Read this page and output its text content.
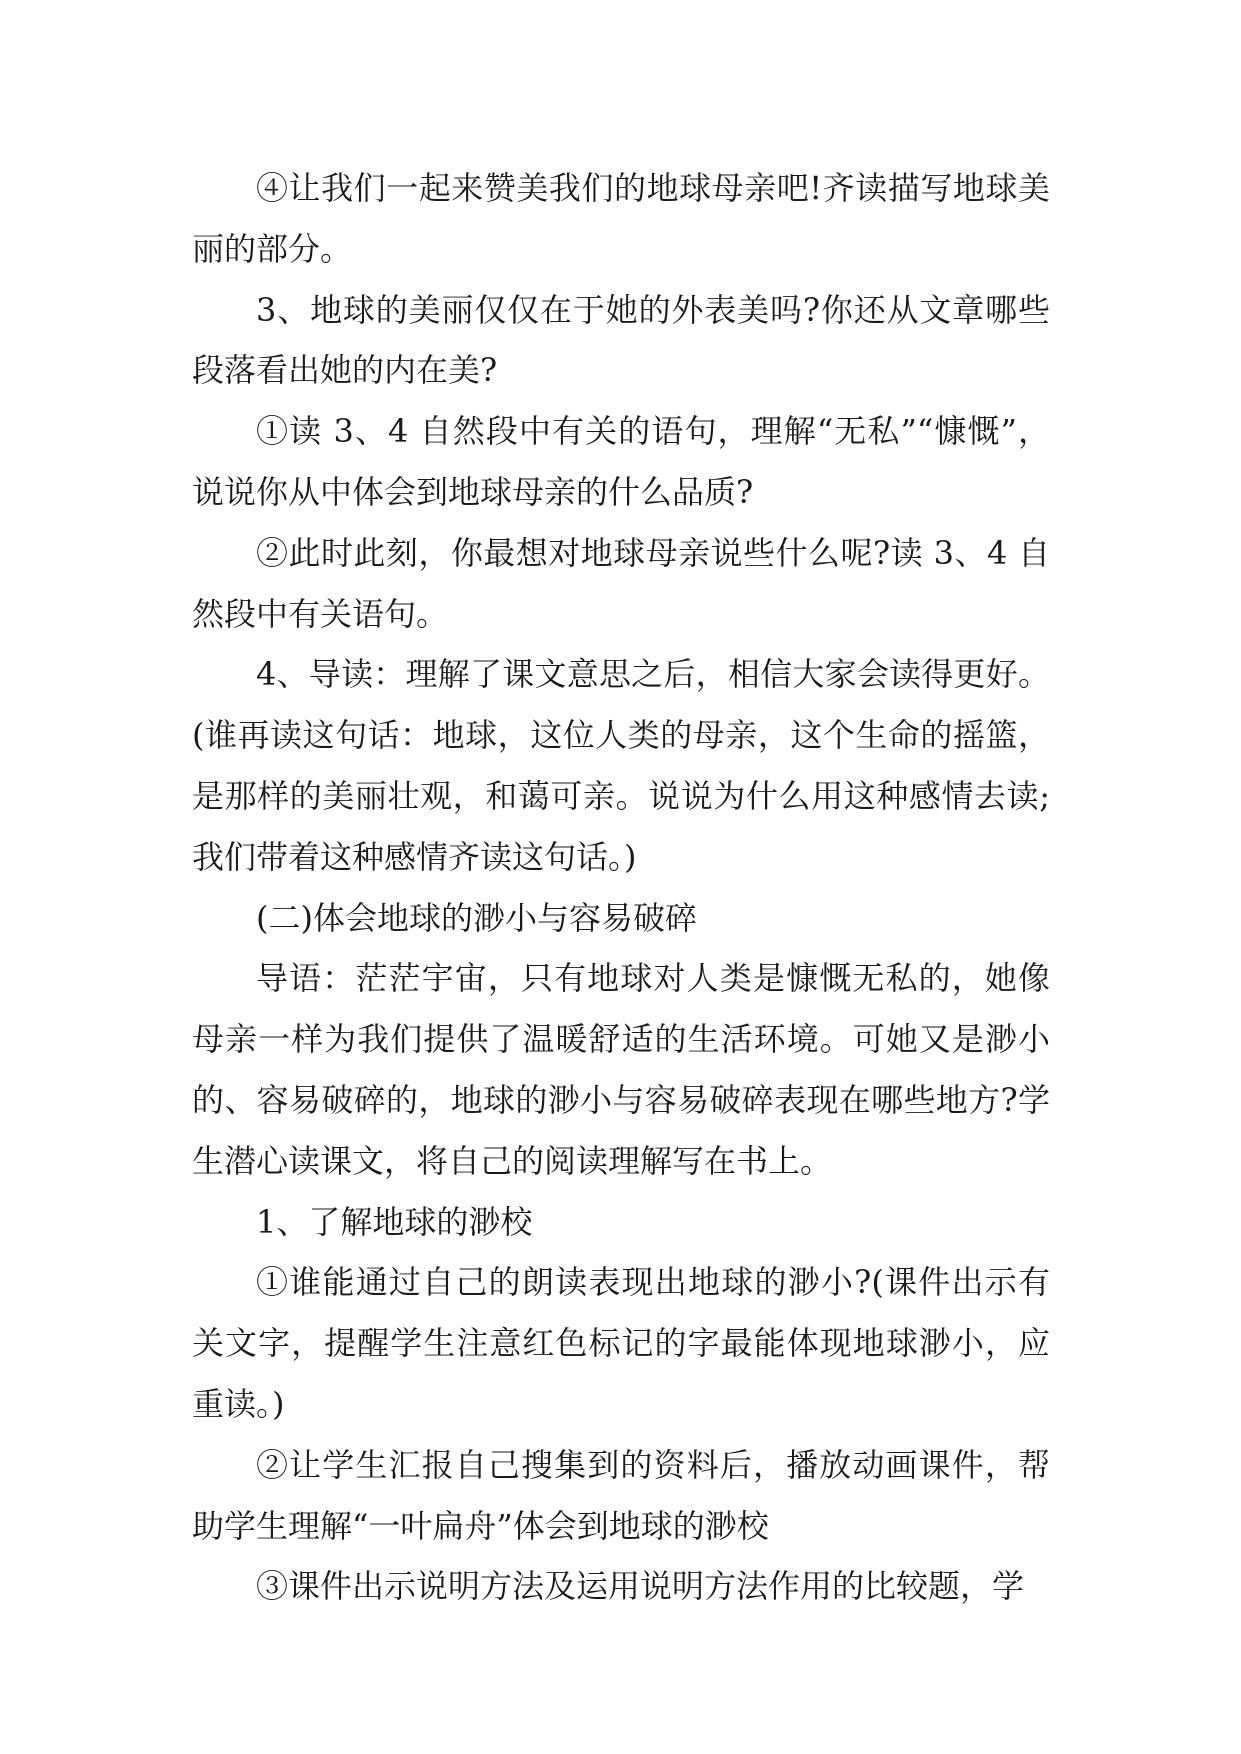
④让我们一起来赞美我们的地球母亲吧!齐读描写地球美丽的部分。

3、地球的美丽仅仅在于她的外表美吗?你还从文章哪些段落看出她的内在美?

①读 3、4 自然段中有关的语句，理解“无私”“慷慨”，说说你从中体会到地球母亲的什么品质?

②此时此刻，你最想对地球母亲说些什么呢?读 3、4 自然段中有关语句。

4、导读：理解了课文意思之后，相信大家会读得更好。(谁再读这句话：地球，这位人类的母亲，这个生命的摇篮，是那样的美丽壮观，和蔼可亲。说说为什么用这种感情去读;我们带着这种感情齐读这句话。)

(二)体会地球的渺小与容易破碎

导语：茫茫宇宙，只有地球对人类是慷慨无私的，她像母亲一样为我们提供了温暖舒适的生活环境。可她又是渺小的、容易破碎的，地球的渺小与容易破碎表现在哪些地方?学生潜心读课文，将自己的阅读理解写在书上。

1、了解地球的渺校

①谁能通过自己的朗读表现出地球的渺小?(课件出示有关文字，提醒学生注意红色标记的字最能体现地球渺小，应重读。)

②让学生汇报自己搜集到的资料后，播放动画课件，帮助学生理解“一叶扁舟”体会到地球的渺校

③课件出示说明方法及运用说明方法作用的比较题，学
